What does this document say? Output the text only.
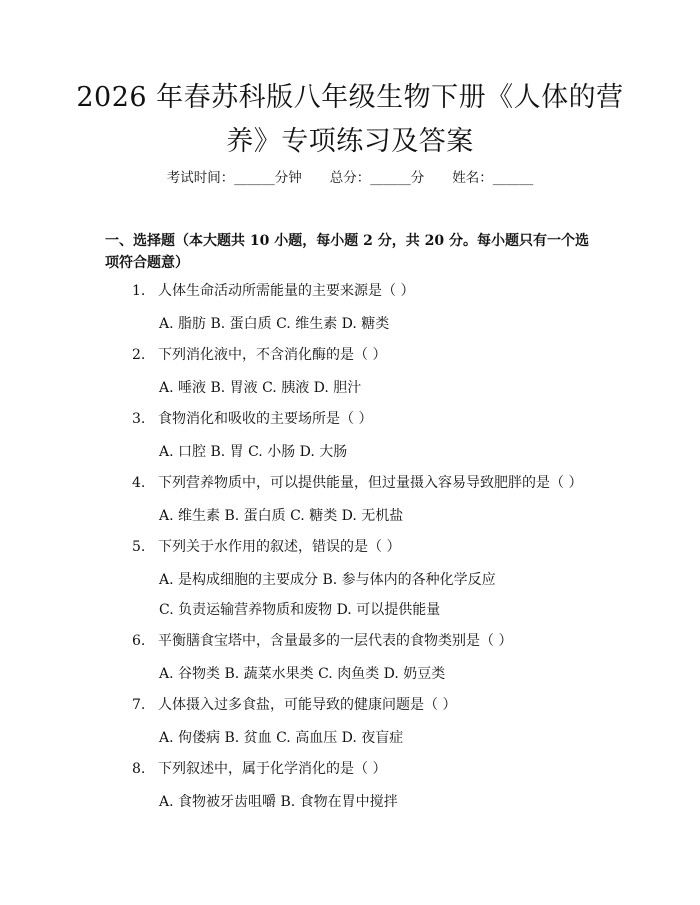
2026 年春苏科版八年级生物下册《人体的营
养》专项练习及答案
考试时间：______分钟 总分：______分 姓名：______
一、选择题（本大题共 10 小题，每小题 2 分，共 20 分。每小题只有一个选项符合题意）
1. 人体生命活动所需能量的主要来源是（ ）
A. 脂肪 B. 蛋白质 C. 维生素 D. 糖类
2. 下列消化液中，不含消化酶的是（ ）
A. 唾液 B. 胃液 C. 胰液 D. 胆汁
3. 食物消化和吸收的主要场所是（ ）
A. 口腔 B. 胃 C. 小肠 D. 大肠
4. 下列营养物质中，可以提供能量，但过量摄入容易导致肥胖的是（ ）
A. 维生素 B. 蛋白质 C. 糖类 D. 无机盐
5. 下列关于水作用的叙述，错误的是（ ）
A. 是构成细胞的主要成分 B. 参与体内的各种化学反应
C. 负责运输营养物质和废物 D. 可以提供能量
6. 平衡膳食宝塔中，含量最多的一层代表的食物类别是（ ）
A. 谷物类 B. 蔬菜水果类 C. 肉鱼类 D. 奶豆类
7. 人体摄入过多食盐，可能导致的健康问题是（ ）
A. 佝偻病 B. 贫血 C. 高血压 D. 夜盲症
8. 下列叙述中，属于化学消化的是（ ）
A. 食物被牙齿咀嚼 B. 食物在胃中搅拌
